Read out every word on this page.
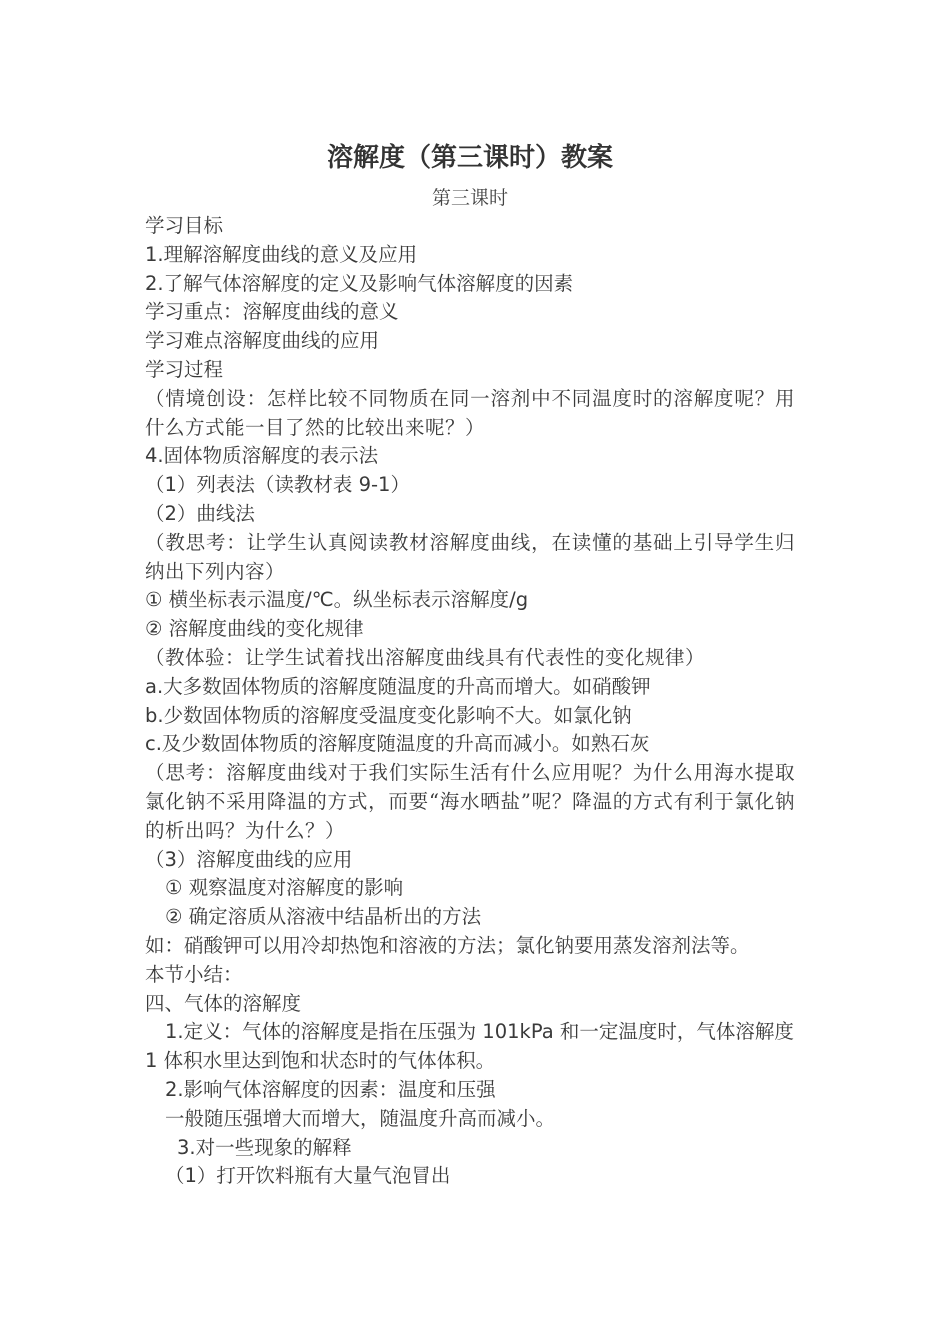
溶解度（第三课时）教案
第三课时
学习目标
1.理解溶解度曲线的意义及应用
2.了解气体溶解度的定义及影响气体溶解度的因素
学习重点：溶解度曲线的意义
学习难点溶解度曲线的应用
学习过程
（情境创设：怎样比较不同物质在同一溶剂中不同温度时的溶解度呢？用什么方式能一目了然的比较出来呢？）
4.固体物质溶解度的表示法
（1）列表法（读教材表 9-1）
（2）曲线法
（教思考：让学生认真阅读教材溶解度曲线，在读懂的基础上引导学生归纳出下列内容）
① 横坐标表示温度/℃。纵坐标表示溶解度/g
② 溶解度曲线的变化规律
（教体验：让学生试着找出溶解度曲线具有代表性的变化规律）
a.大多数固体物质的溶解度随温度的升高而增大。如硝酸钾
b.少数固体物质的溶解度受温度变化影响不大。如氯化钠
c.及少数固体物质的溶解度随温度的升高而减小。如熟石灰
（思考：溶解度曲线对于我们实际生活有什么应用呢？为什么用海水提取氯化钠不采用降温的方式，而要“海水晒盐”呢？降温的方式有利于氯化钠的析出吗？为什么？）
（3）溶解度曲线的应用
① 观察温度对溶解度的影响
② 确定溶质从溶液中结晶析出的方法
如：硝酸钾可以用冷却热饱和溶液的方法；氯化钠要用蒸发溶剂法等。
本节小结：
四、气体的溶解度
1.定义：气体的溶解度是指在压强为 101kPa 和一定温度时，气体溶解度 1 体积水里达到饱和状态时的气体体积。
2.影响气体溶解度的因素：温度和压强
一般随压强增大而增大，随温度升高而减小。
3.对一些现象的解释
（1）打开饮料瓶有大量气泡冒出
